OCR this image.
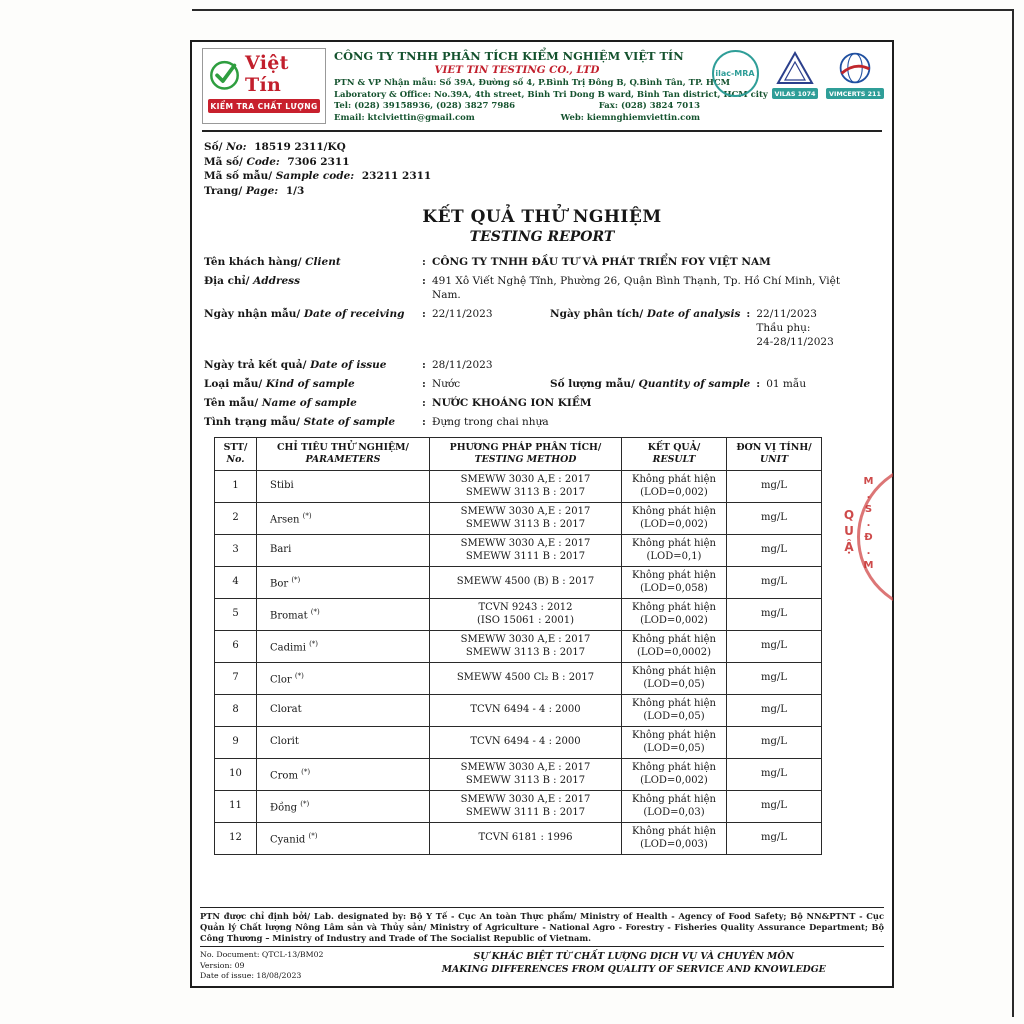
Việt Tín
KIỂM TRA CHẤT LƯỢNG
CÔNG TY TNHH PHÂN TÍCH KIỂM NGHIỆM VIỆT TÍN
VIET TIN TESTING CO., LTD
PTN & VP Nhận mẫu: Số 39A, Đường số 4, P.Bình Trị Đông B, Q.Bình Tân, TP. HCM
Laboratory & Office: No.39A, 4th street, Binh Tri Dong B ward, Binh Tan district, HCM city
Tel: (028) 39158936, (028) 3827 7986	Fax: (028) 3824 7013
Email: ktclviettin@gmail.com	Web: kiemnghiemviettin.com
ilac-MRA
VILAS 1074	VIMCERTS 211
Số/ No: 18519 2311/KQ
Mã số/ Code: 7306 2311
Mã số mẫu/ Sample code: 23211 2311
Trang/ Page: 1/3
KẾT QUẢ THỬ NGHIỆM
TESTING REPORT
Tên khách hàng/ Client :	CÔNG TY TNHH ĐẦU TƯ VÀ PHÁT TRIỂN FOY VIỆT NAM
Địa chỉ/ Address :	491 Xô Viết Nghệ Tĩnh, Phường 26, Quận Bình Thạnh, Tp. Hồ Chí Minh, Việt Nam.
Ngày nhận mẫu/ Date of receiving :	22/11/2023	Ngày phân tích/ Date of analysis : 22/11/2023
Thầu phụ:
24-28/11/2023
Ngày trả kết quả/ Date of issue :	28/11/2023
Loại mẫu/ Kind of sample :	Nước	Số lượng mẫu/ Quantity of sample : 01 mẫu
Tên mẫu/ Name of sample :	NƯỚC KHOÁNG ION KIỀM
Tình trạng mẫu/ State of sample :	Đựng trong chai nhựa
STT/
No.	CHỈ TIÊU THỬ NGHIỆM/
PARAMETERS	PHƯƠNG PHÁP PHÂN TÍCH/
TESTING METHOD	KẾT QUẢ/
RESULT	ĐƠN VỊ TÍNH/
UNIT
1	Stibi	SMEWW 3030 A,E : 2017
SMEWW 3113 B : 2017	Không phát hiện
(LOD=0,002)	mg/L
2	Arsen (*)	SMEWW 3030 A,E : 2017
SMEWW 3113 B : 2017	Không phát hiện
(LOD=0,002)	mg/L
3	Bari	SMEWW 3030 A,E : 2017
SMEWW 3111 B : 2017	Không phát hiện
(LOD=0,1)	mg/L
4	Bor (*)	SMEWW 4500 (B) B : 2017	Không phát hiện
(LOD=0,058)	mg/L
5	Bromat (*)	TCVN 9243 : 2012
(ISO 15061 : 2001)	Không phát hiện
(LOD=0,002)	mg/L
6	Cadimi (*)	SMEWW 3030 A,E : 2017
SMEWW 3113 B : 2017	Không phát hiện
(LOD=0,0002)	mg/L
7	Clor (*)	SMEWW 4500 Cl₂ B : 2017	Không phát hiện
(LOD=0,05)	mg/L
8	Clorat	TCVN 6494 - 4 : 2000	Không phát hiện
(LOD=0,05)	mg/L
9	Clorit	TCVN 6494 - 4 : 2000	Không phát hiện
(LOD=0,05)	mg/L
10	Crom (*)	SMEWW 3030 A,E : 2017
SMEWW 3113 B : 2017	Không phát hiện
(LOD=0,002)	mg/L
11	Đồng (*)	SMEWW 3030 A,E : 2017
SMEWW 3111 B : 2017	Không phát hiện
(LOD=0,03)	mg/L
12	Cyanid (*)	TCVN 6181 : 1996	Không phát hiện
(LOD=0,003)	mg/L
M.S.Đ.M
QUẬ
PTN được chỉ định bởi/ Lab. designated by: Bộ Y Tế - Cục An toàn Thực phẩm/ Ministry of Health - Agency of Food Safety; Bộ NN&PTNT - Cục Quản lý Chất lượng Nông Lâm sản và Thủy sản/ Ministry of Agriculture - National Agro - Forestry - Fisheries Quality Assurance Department; Bộ Công Thương – Ministry of Industry and Trade of The Socialist Republic of Vietnam.
No. Document: QTCL-13/BM02
Version: 09
Date of issue: 18/08/2023
SỰ KHÁC BIỆT TỪ CHẤT LƯỢNG DỊCH VỤ VÀ CHUYÊN MÔN
MAKING DIFFERENCES FROM QUALITY OF SERVICE AND KNOWLEDGE
